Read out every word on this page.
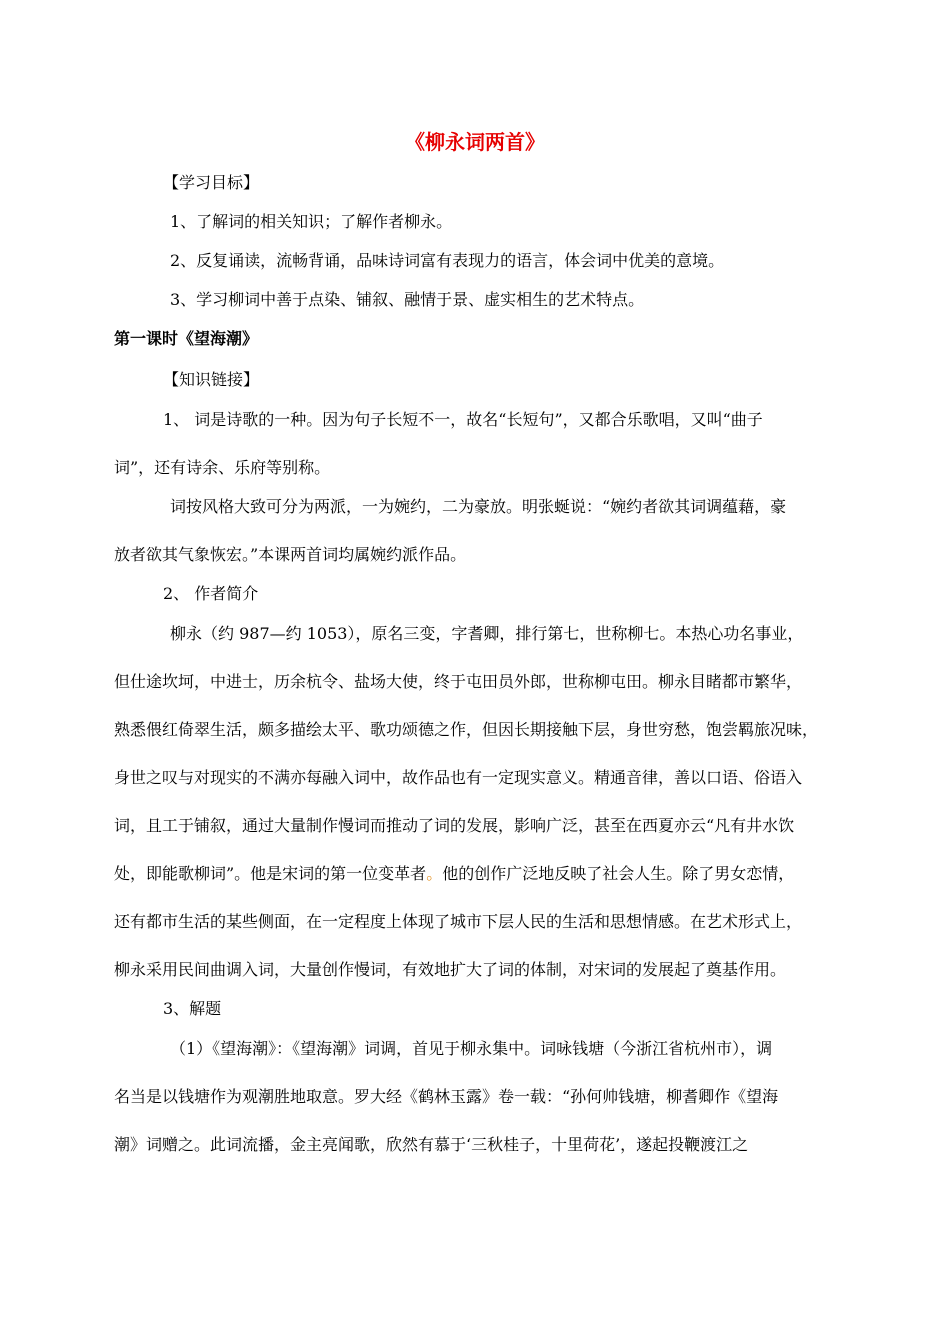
《柳永词两首》
【学习目标】
1、了解词的相关知识；了解作者柳永。
2、反复诵读，流畅背诵，品味诗词富有表现力的语言，体会词中优美的意境。
3、学习柳词中善于点染、铺叙、融情于景、虚实相生的艺术特点。
第一课时《望海潮》
【知识链接】
1、 词是诗歌的一种。因为句子长短不一，故名“长短句”，又都合乐歌唱，又叫“曲子
词”，还有诗余、乐府等别称。
词按风格大致可分为两派，一为婉约，二为豪放。明张蜒说：“婉约者欲其词调蕴藉，豪
放者欲其气象恢宏。”本课两首词均属婉约派作品。
2、 作者简介
柳永（约 987—约 1053），原名三变，字耆卿，排行第七，世称柳七。本热心功名事业，
但仕途坎坷，中进士，历余杭令、盐场大使，终于屯田员外郎，世称柳屯田。柳永目睹都市繁华，
熟悉偎红倚翠生活，颇多描绘太平、歌功颂德之作，但因长期接触下层，身世穷愁，饱尝羁旅况味，
身世之叹与对现实的不满亦每融入词中，故作品也有一定现实意义。精通音律，善以口语、俗语入
词，且工于铺叙，通过大量制作慢词而推动了词的发展，影响广泛，甚至在西夏亦云“凡有井水饮
处，即能歌柳词”。他是宋词的第一位变革者。他的创作广泛地反映了社会人生。除了男女恋情，
还有都市生活的某些侧面，在一定程度上体现了城市下层人民的生活和思想情感。在艺术形式上，
柳永采用民间曲调入词，大量创作慢词，有效地扩大了词的体制，对宋词的发展起了奠基作用。
3、解题
（1）《望海潮》：《望海潮》词调，首见于柳永集中。词咏钱塘（今浙江省杭州市），调
名当是以钱塘作为观潮胜地取意。罗大经《鹤林玉露》卷一载：“孙何帅钱塘，柳耆卿作《望海
潮》词赠之。此词流播，金主亮闻歌，欣然有慕于‘三秋桂子，十里荷花’，遂起投鞭渡江之
